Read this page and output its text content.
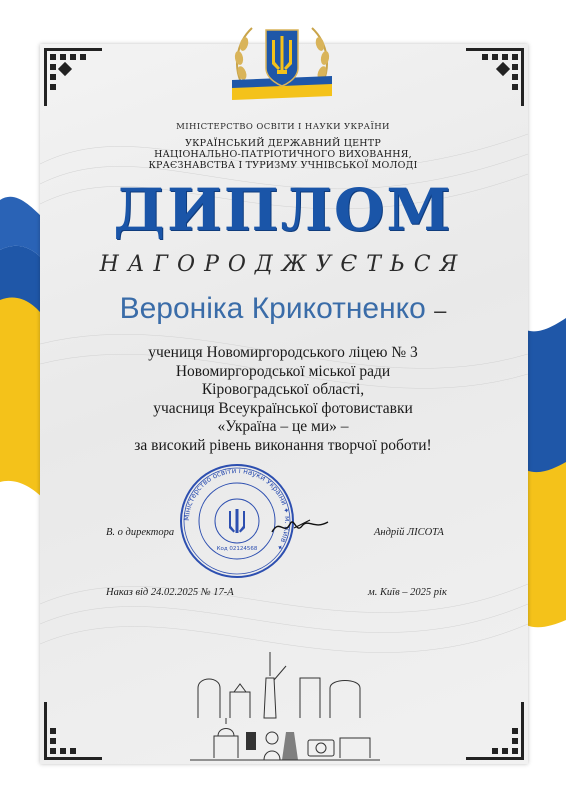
МІНІСТЕРСТВО ОСВІТИ І НАУКИ УКРАЇНИ
УКРАЇНСЬКИЙ ДЕРЖАВНИЙ ЦЕНТР
НАЦІОНАЛЬНО-ПАТРІОТИЧНОГО ВИХОВАННЯ,
КРАЄЗНАВСТВА І ТУРИЗМУ УЧНІВСЬКОЇ МОЛОДІ
ДИПЛОМ
НАГОРОДЖУЄТЬСЯ
Вероніка Крикотненко –
учениця Новомиргородського ліцею № 3
Новомиргородської міської ради
Кіровоградської області,
учасниця Всеукраїнської фотовиставки
«Україна – це ми» –
за високий рівень виконання творчої роботи!
Міністерство освіти і науки України ✦ м. Київ ✦
Код 02124568
В. о директора	Андрій ЛІСОТА
Наказ від 24.02.2025 № 17-А	м. Київ – 2025 рік
